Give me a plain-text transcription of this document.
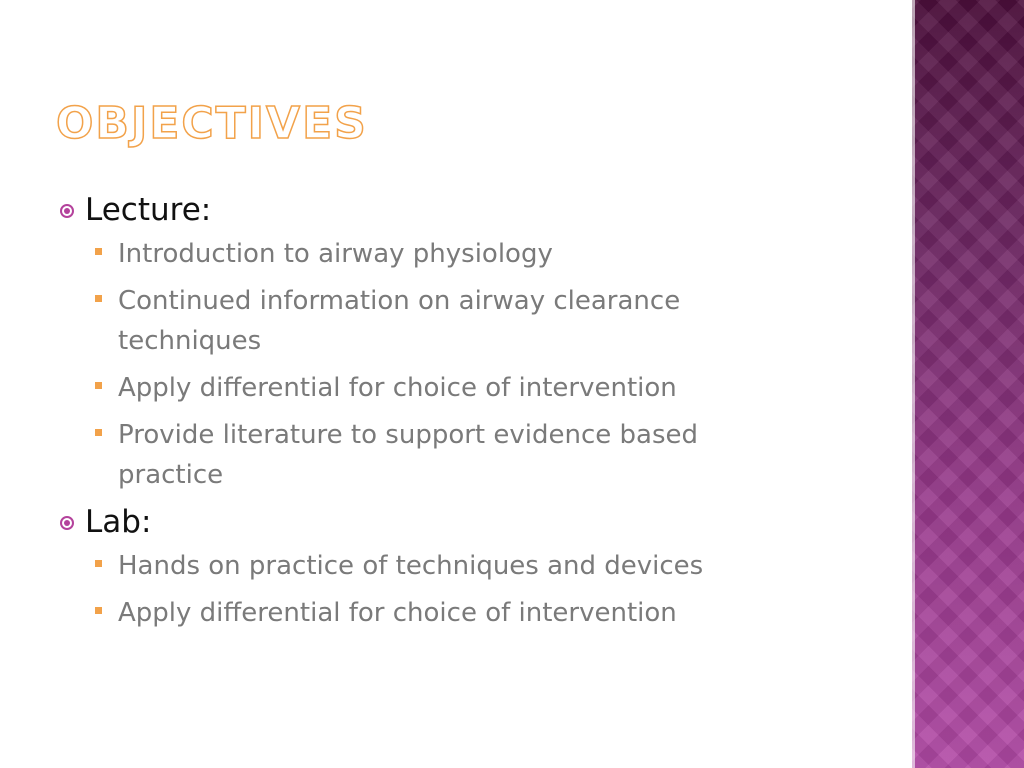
OBJECTIVES
Lecture:
Introduction to airway physiology
Continued information on airway clearance techniques
Apply differential for choice of intervention
Provide literature to support evidence based practice
Lab:
Hands on practice of techniques and devices
Apply differential for choice of intervention
